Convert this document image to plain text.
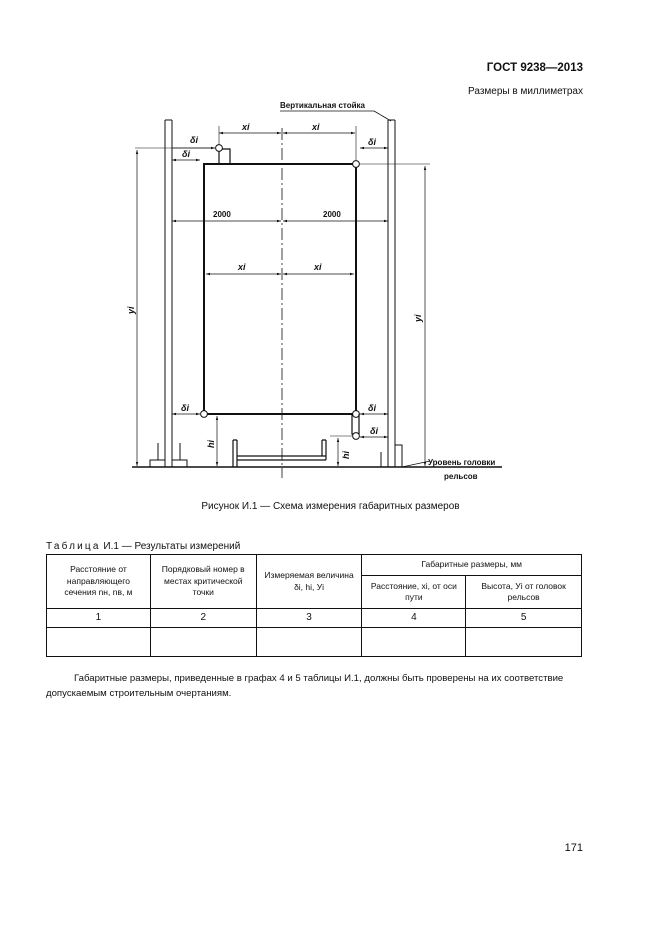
ГОСТ 9238—2013
Размеры в миллиметрах
Вертикальная стойка
xi	xi
δi
δi
δi
2000	2000
xi	xi
δi	δi
δi
yi
yi
hi
hi
Уровень головки
рельсов
Рисунок И.1 — Схема измерения габаритных размеров
Таблица И.1 — Результаты измерений
Расстояние от направляющего сечения nн, nв, м	Порядковый номер в местах критической точки	Измеряемая величина δi, hi, Уi	Габаритные размеры, мм	
			Расстояние, xi, от оси пути	Высота, Уi от головок рельсов
1	2	3	4	5

Габаритные размеры, приведенные в графах 4 и 5 таблицы И.1, должны быть проверены на их соответствие допускаемым строительным очертаниям.
171
